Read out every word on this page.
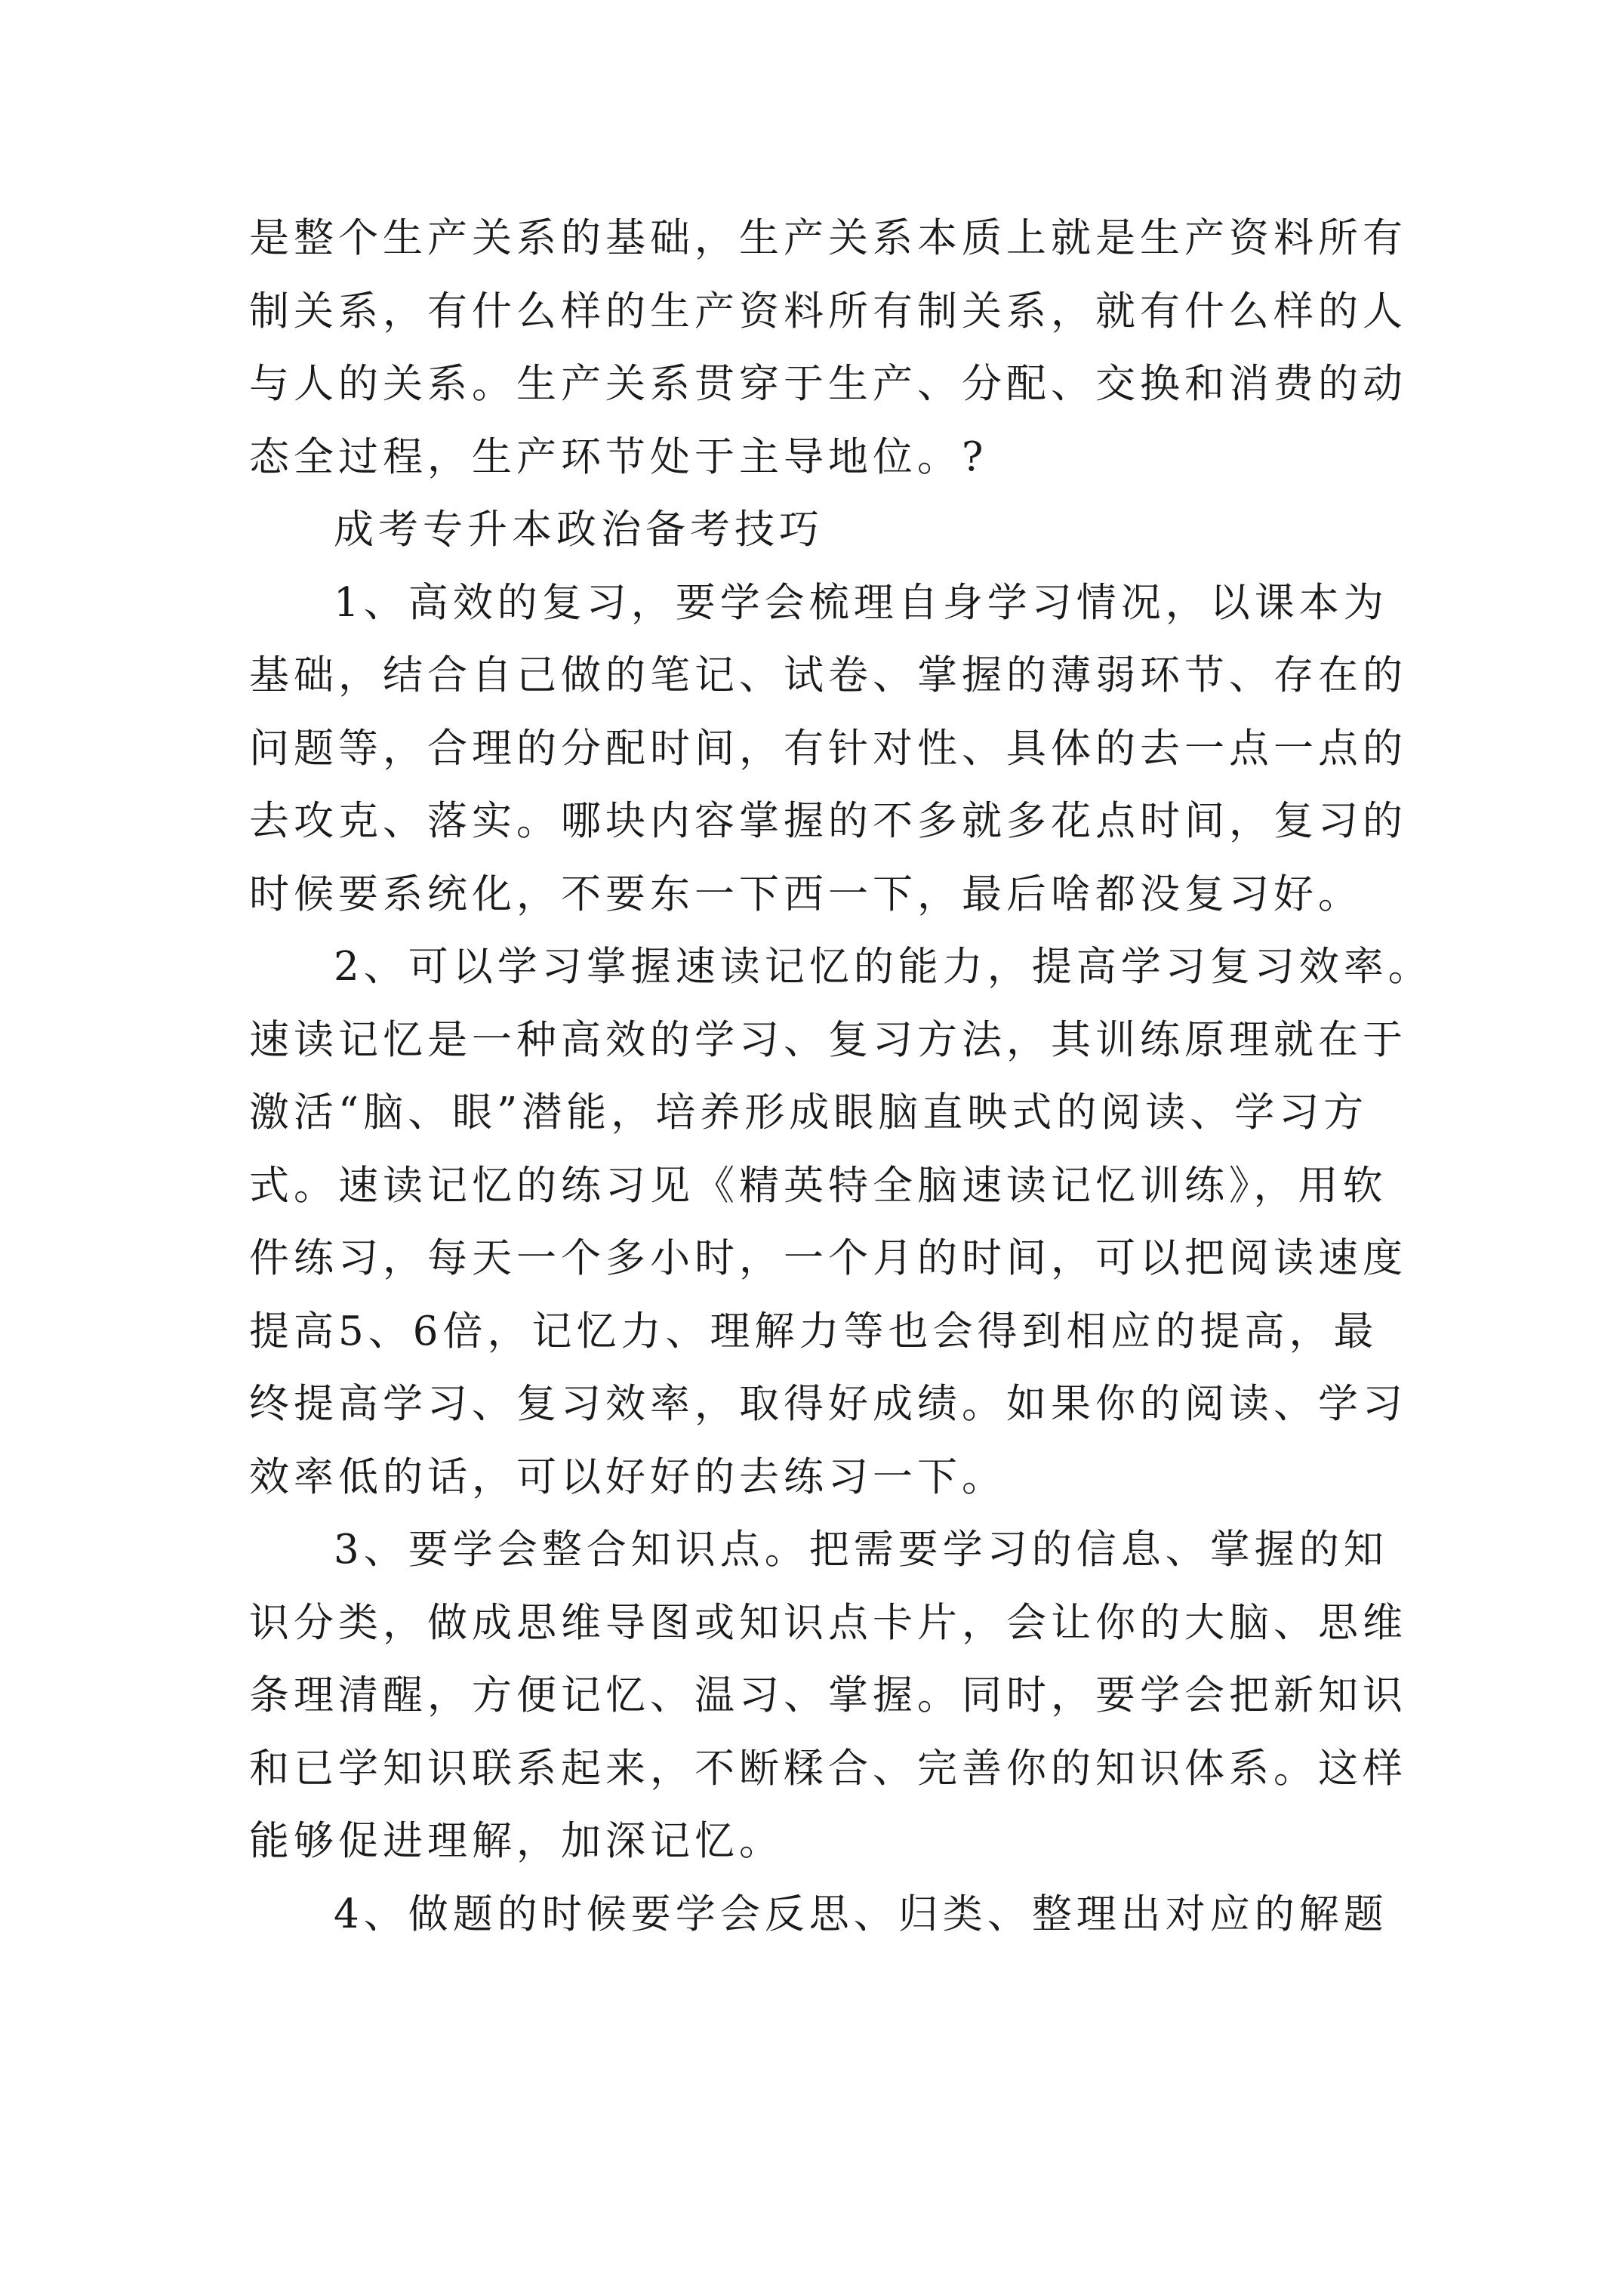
是整个生产关系的基础，生产关系本质上就是生产资料所有
制关系，有什么样的生产资料所有制关系，就有什么样的人
与人的关系。生产关系贯穿于生产、分配、交换和消费的动
态全过程，生产环节处于主导地位。?
成考专升本政治备考技巧
1、高效的复习，要学会梳理自身学习情况，以课本为
基础，结合自己做的笔记、试卷、掌握的薄弱环节、存在的
问题等，合理的分配时间，有针对性、具体的去一点一点的
去攻克、落实。哪块内容掌握的不多就多花点时间，复习的
时候要系统化，不要东一下西一下，最后啥都没复习好。
2、可以学习掌握速读记忆的能力，提高学习复习效率。
速读记忆是一种高效的学习、复习方法，其训练原理就在于
激活“脑、眼”潜能，培养形成眼脑直映式的阅读、学习方
式。速读记忆的练习见《精英特全脑速读记忆训练》，用软
件练习，每天一个多小时，一个月的时间，可以把阅读速度
提高5、6倍，记忆力、理解力等也会得到相应的提高，最
终提高学习、复习效率，取得好成绩。如果你的阅读、学习
效率低的话，可以好好的去练习一下。
3、要学会整合知识点。把需要学习的信息、掌握的知
识分类，做成思维导图或知识点卡片，会让你的大脑、思维
条理清醒，方便记忆、温习、掌握。同时，要学会把新知识
和已学知识联系起来，不断糅合、完善你的知识体系。这样
能够促进理解，加深记忆。
4、做题的时候要学会反思、归类、整理出对应的解题
